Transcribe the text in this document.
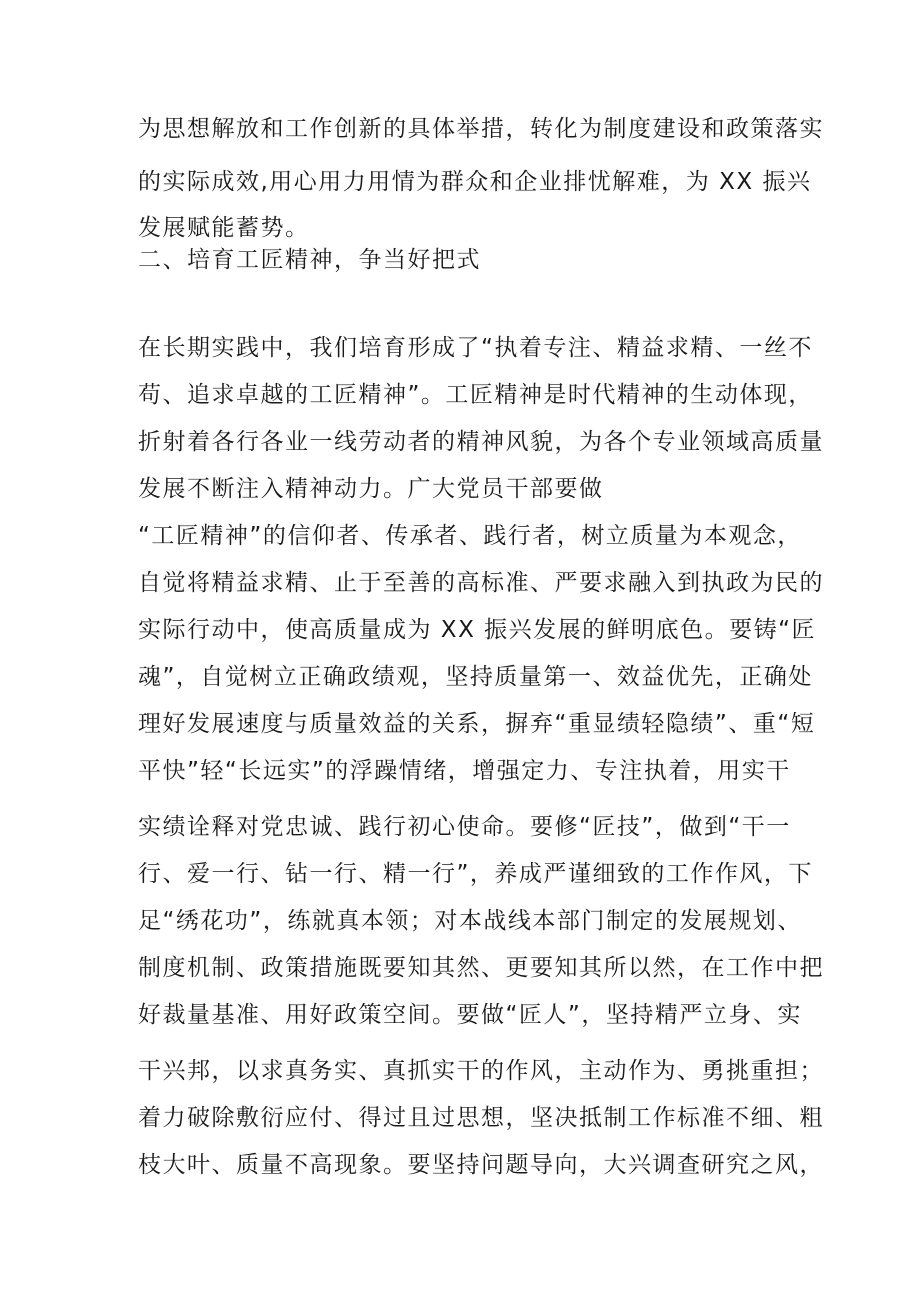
为思想解放和工作创新的具体举措，转化为制度建设和政策落实
的实际成效,用心用力用情为群众和企业排忧解难，为 XX 振兴
发展赋能蓄势。
二、培育工匠精神，争当好把式
在长期实践中，我们培育形成了“执着专注、精益求精、一丝不
苟、追求卓越的工匠精神”。工匠精神是时代精神的生动体现，
折射着各行各业一线劳动者的精神风貌，为各个专业领域高质量
发展不断注入精神动力。广大党员干部要做
“工匠精神”的信仰者、传承者、践行者，树立质量为本观念，
自觉将精益求精、止于至善的高标准、严要求融入到执政为民的
实际行动中，使高质量成为 XX 振兴发展的鲜明底色。要铸“匠
魂”，自觉树立正确政绩观，坚持质量第一、效益优先，正确处
理好发展速度与质量效益的关系，摒弃“重显绩轻隐绩”、重“短
平快”轻“长远实”的浮躁情绪，增强定力、专注执着，用实干
实绩诠释对党忠诚、践行初心使命。要修“匠技”，做到“干一
行、爱一行、钻一行、精一行”，养成严谨细致的工作作风，下
足“绣花功”，练就真本领；对本战线本部门制定的发展规划、
制度机制、政策措施既要知其然、更要知其所以然，在工作中把
好裁量基准、用好政策空间。要做“匠人”，坚持精严立身、实
干兴邦，以求真务实、真抓实干的作风，主动作为、勇挑重担；
着力破除敷衍应付、得过且过思想，坚决抵制工作标准不细、粗
枝大叶、质量不高现象。要坚持问题导向，大兴调查研究之风，
